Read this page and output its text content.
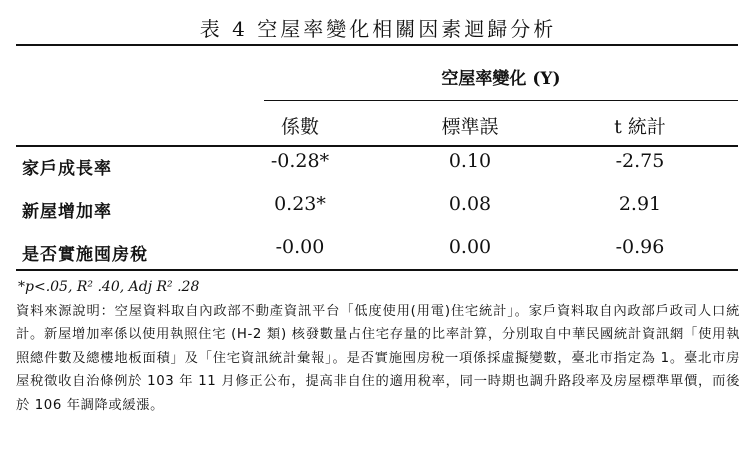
表 4 空屋率變化相關因素迴歸分析
空屋率變化 (Y)
係數	標準誤	t 統計
家戶成長率	-0.28*	0.10	-2.75
新屋增加率	0.23*	0.08	2.91
是否實施囤房稅	-0.00	0.00	-0.96
*p<.05, R² .40, Adj R² .28
資料來源說明：空屋資料取自內政部不動產資訊平台「低度使用(用電)住宅統計」。家戶資料取自內政部戶政司人口統計。新屋增加率係以使用執照住宅 (H-2 類) 核發數量占住宅存量的比率計算，分別取自中華民國統計資訊網「使用執照總件數及總樓地板面積」及「住宅資訊統計彙報」。是否實施囤房稅一項係採虛擬變數，臺北市指定為 1。臺北市房屋稅徵收自治條例於 103 年 11 月修正公布，提高非自住的適用稅率，同一時期也調升路段率及房屋標準單價，而後於 106 年調降或緩漲。
